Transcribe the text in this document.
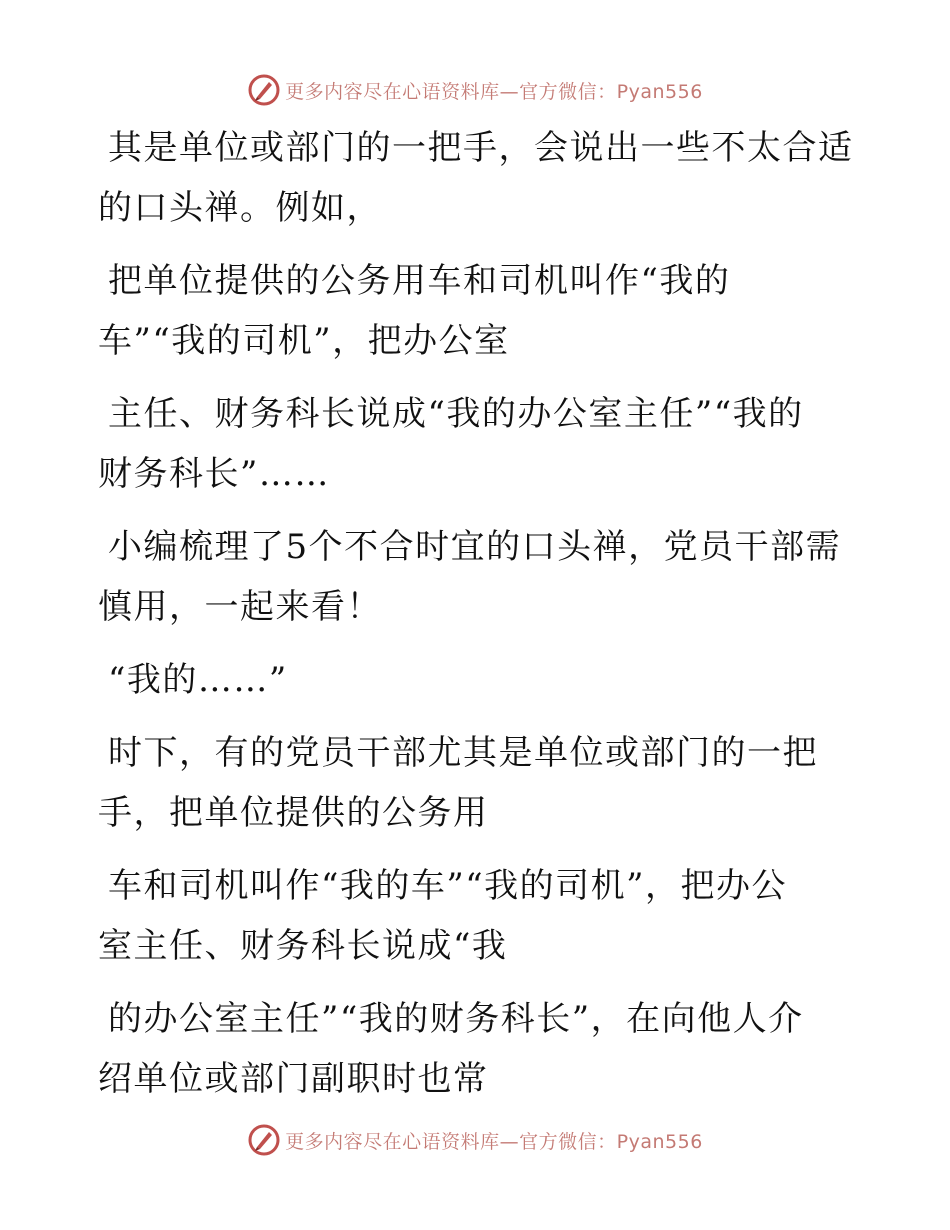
更多内容尽在心语资料库—官方微信：Pyan556

其是单位或部门的一把手，会说出一些不太合适
的口头禅。例如，

把单位提供的公务用车和司机叫作“我的
车”“我的司机”，把办公室

主任、财务科长说成“我的办公室主任”“我的
财务科长”……

小编梳理了5个不合时宜的口头禅，党员干部需
慎用，一起来看！

“我的……”

时下，有的党员干部尤其是单位或部门的一把
手，把单位提供的公务用

车和司机叫作“我的车”“我的司机”，把办公
室主任、财务科长说成“我

的办公室主任”“我的财务科长”，在向他人介
绍单位或部门副职时也常

更多内容尽在心语资料库—官方微信：Pyan556
